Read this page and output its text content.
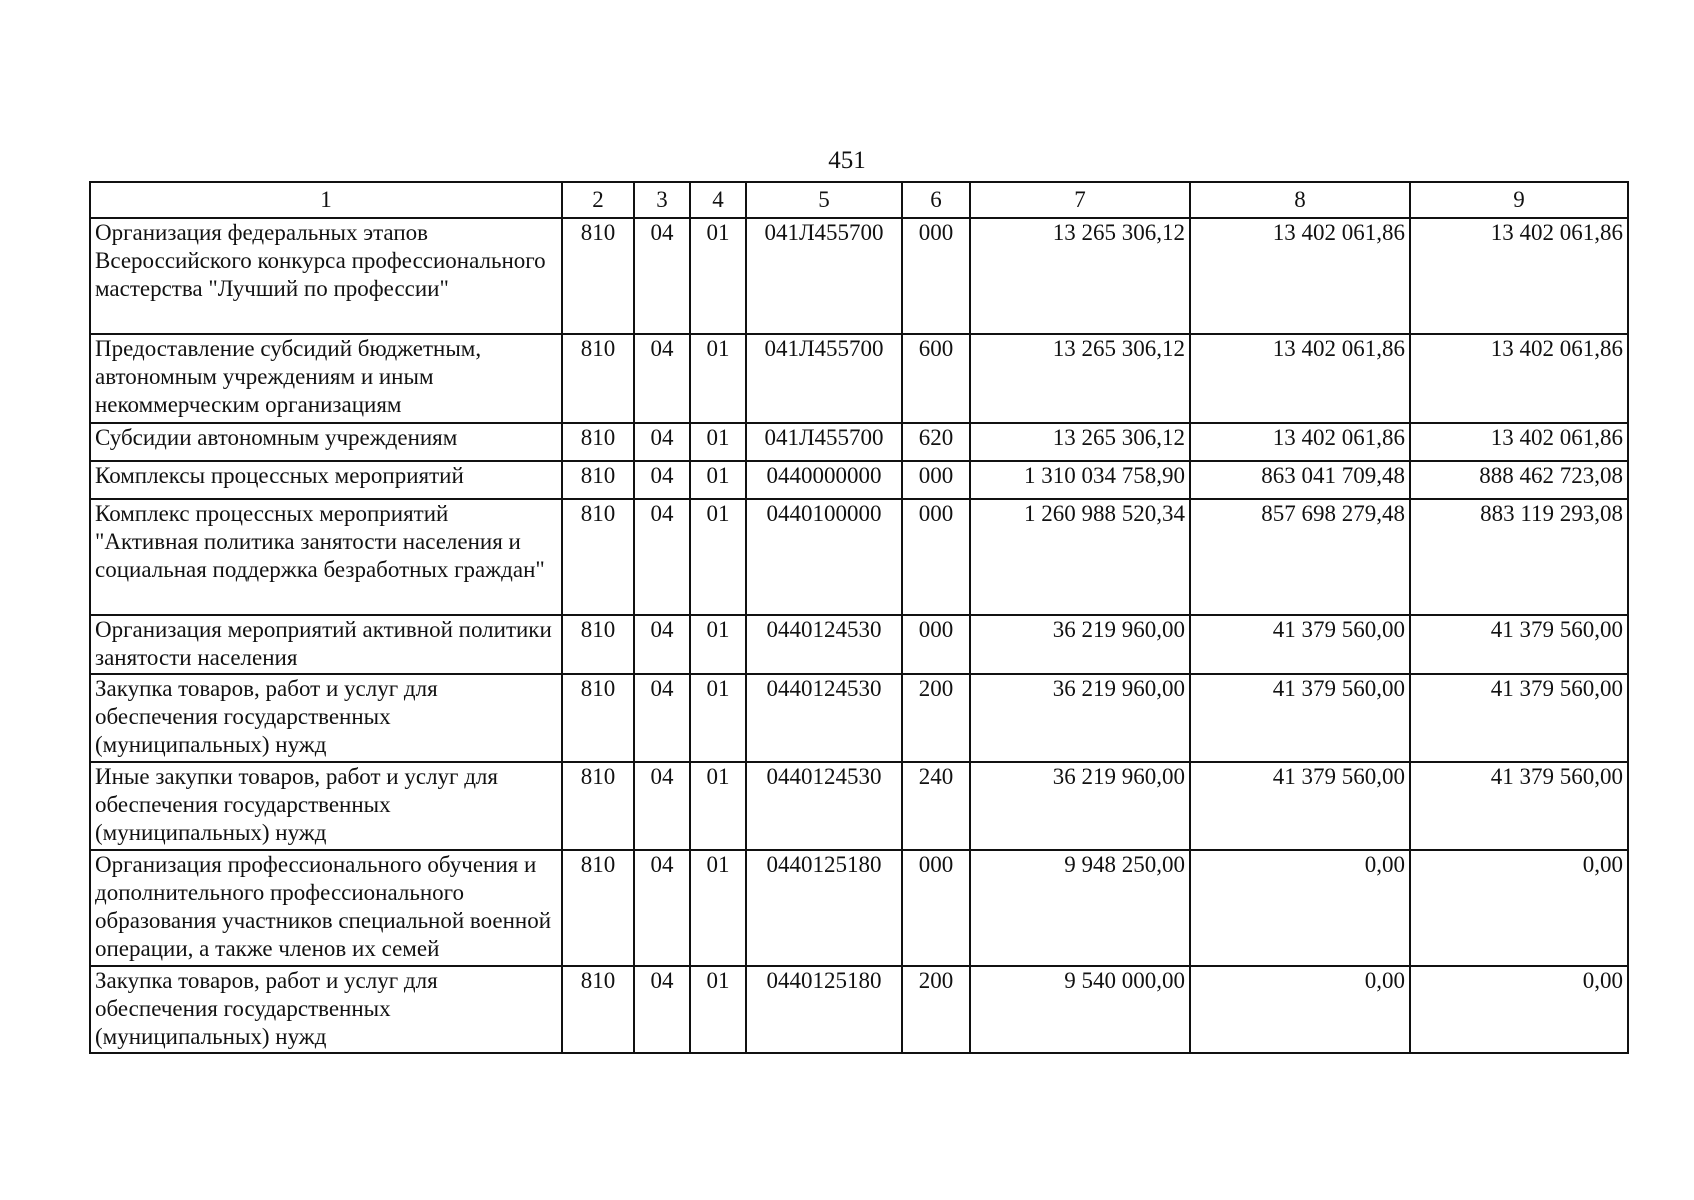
451
1	2	3	4	5	6	7	8	9
Организация федеральных этапов Всероссийского конкурса профессионального мастерства "Лучший по профессии"	810	04	01	041Л455700	000	13 265 306,12	13 402 061,86	13 402 061,86
Предоставление субсидий бюджетным, автономным учреждениям и иным некоммерческим организациям	810	04	01	041Л455700	600	13 265 306,12	13 402 061,86	13 402 061,86
Субсидии автономным учреждениям	810	04	01	041Л455700	620	13 265 306,12	13 402 061,86	13 402 061,86
Комплексы процессных мероприятий	810	04	01	0440000000	000	1 310 034 758,90	863 041 709,48	888 462 723,08
Комплекс процессных мероприятий "Активная политика занятости населения и социальная поддержка безработных граждан"	810	04	01	0440100000	000	1 260 988 520,34	857 698 279,48	883 119 293,08
Организация мероприятий активной политики занятости населения	810	04	01	0440124530	000	36 219 960,00	41 379 560,00	41 379 560,00
Закупка товаров, работ и услуг для обеспечения государственных (муниципальных) нужд	810	04	01	0440124530	200	36 219 960,00	41 379 560,00	41 379 560,00
Иные закупки товаров, работ и услуг для обеспечения государственных (муниципальных) нужд	810	04	01	0440124530	240	36 219 960,00	41 379 560,00	41 379 560,00
Организация профессионального обучения и дополнительного профессионального образования участников специальной военной операции, а также членов их семей	810	04	01	0440125180	000	9 948 250,00	0,00	0,00
Закупка товаров, работ и услуг для обеспечения государственных (муниципальных) нужд	810	04	01	0440125180	200	9 540 000,00	0,00	0,00
